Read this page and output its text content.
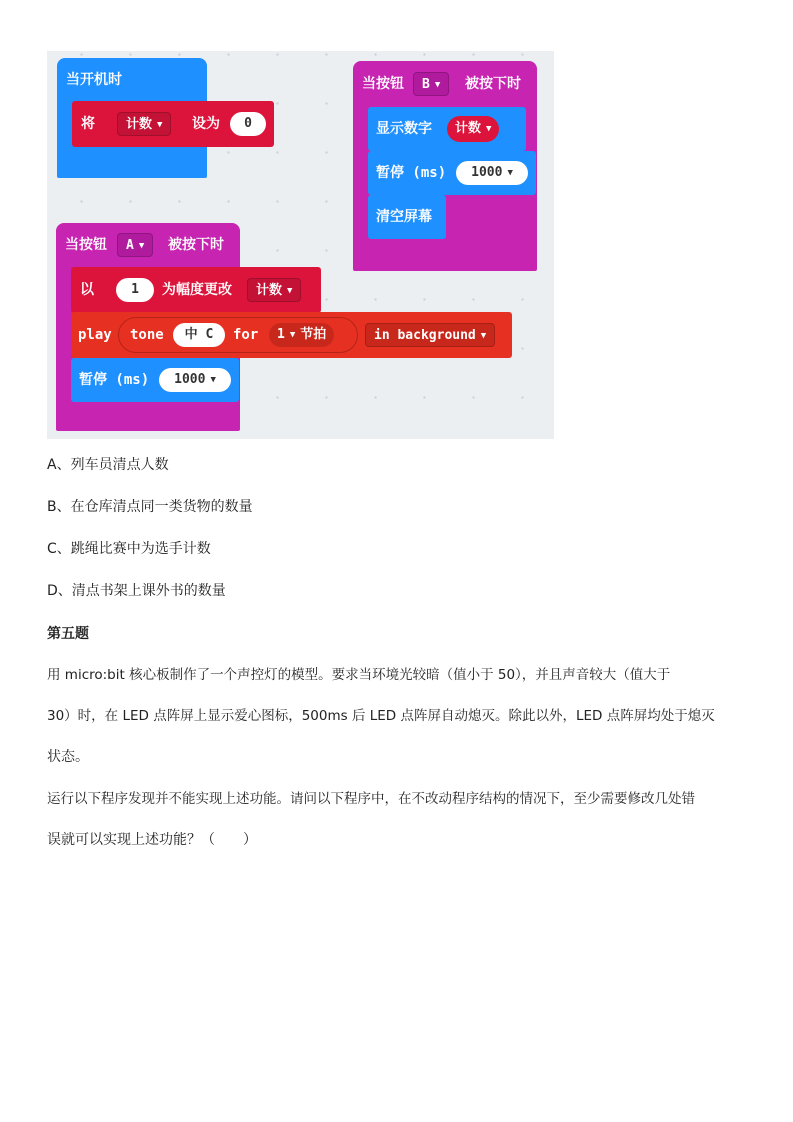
当开机时
将	计数 ▼	设为	0
当按钮	B ▼	被按下时
显示数字	计数 ▼
暂停 (ms)	1000 ▼
清空屏幕
当按钮	A ▼	被按下时
以	1	为幅度更改	计数 ▼
play tone	中 C	for	1 ▼ 节拍	in background ▼
暂停 (ms)	1000 ▼
A、列车员清点人数
B、在仓库清点同一类货物的数量
C、跳绳比赛中为选手计数
D、清点书架上课外书的数量
第五题
用 micro:bit 核心板制作了一个声控灯的模型。要求当环境光较暗（值小于 50），并且声音较大（值大于
30）时，在 LED 点阵屏上显示爱心图标，500ms 后 LED 点阵屏自动熄灭。除此以外，LED 点阵屏均处于熄灭
状态。
运行以下程序发现并不能实现上述功能。请问以下程序中，在不改动程序结构的情况下，至少需要修改几处错
误就可以实现上述功能？（　　）
